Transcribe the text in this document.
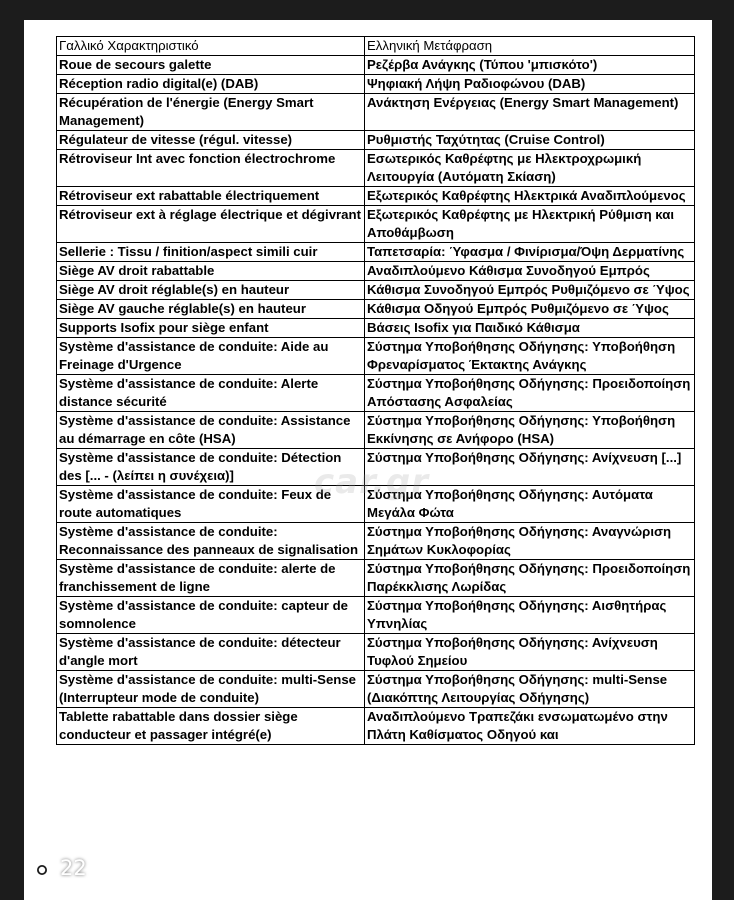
Γαλλικό Χαρακτηριστικό	Ελληνική Μετάφραση
Roue de secours galette	Ρεζέρβα Ανάγκης (Τύπου 'μπισκότο')
Réception radio digital(e) (DAB)	Ψηφιακή Λήψη Ραδιοφώνου (DAB)
Récupération de l'énergie (Energy Smart Management)	Ανάκτηση Ενέργειας (Energy Smart Management)
Régulateur de vitesse (régul. vitesse)	Ρυθμιστής Ταχύτητας (Cruise Control)
Rétroviseur Int avec fonction électrochrome	Εσωτερικός Καθρέφτης με Ηλεκτροχρωμική Λειτουργία (Αυτόματη Σκίαση)
Rétroviseur ext rabattable électriquement	Εξωτερικός Καθρέφτης Ηλεκτρικά Αναδιπλούμενος
Rétroviseur ext à réglage électrique et dégivrant	Εξωτερικός Καθρέφτης με Ηλεκτρική Ρύθμιση και Αποθάμβωση
Sellerie : Tissu / finition/aspect simili cuir	Ταπετσαρία: Ύφασμα / Φινίρισμα/Όψη Δερματίνης
Siège AV droit rabattable	Αναδιπλούμενο Κάθισμα Συνοδηγού Εμπρός
Siège AV droit réglable(s) en hauteur	Κάθισμα Συνοδηγού Εμπρός Ρυθμιζόμενο σε Ύψος
Siège AV gauche réglable(s) en hauteur	Κάθισμα Οδηγού Εμπρός Ρυθμιζόμενο σε Ύψος
Supports Isofix pour siège enfant	Βάσεις Isofix για Παιδικό Κάθισμα
Système d'assistance de conduite: Aide au Freinage d'Urgence	Σύστημα Υποβοήθησης Οδήγησης: Υποβοήθηση Φρεναρίσματος Έκτακτης Ανάγκης
Système d'assistance de conduite: Alerte distance sécurité	Σύστημα Υποβοήθησης Οδήγησης: Προειδοποίηση Απόστασης Ασφαλείας
Système d'assistance de conduite: Assistance au démarrage en côte (HSA)	Σύστημα Υποβοήθησης Οδήγησης: Υποβοήθηση Εκκίνησης σε Ανήφορο (HSA)
Système d'assistance de conduite: Détection des [... - (λείπει η συνέχεια)]	Σύστημα Υποβοήθησης Οδήγησης: Ανίχνευση [...]
Système d'assistance de conduite: Feux de route automatiques	Σύστημα Υποβοήθησης Οδήγησης: Αυτόματα Μεγάλα Φώτα
Système d'assistance de conduite: Reconnaissance des panneaux de signalisation	Σύστημα Υποβοήθησης Οδήγησης: Αναγνώριση Σημάτων Κυκλοφορίας
Système d'assistance de conduite: alerte de franchissement de ligne	Σύστημα Υποβοήθησης Οδήγησης: Προειδοποίηση Παρέκκλισης Λωρίδας
Système d'assistance de conduite: capteur de somnolence	Σύστημα Υποβοήθησης Οδήγησης: Αισθητήρας Υπνηλίας
Système d'assistance de conduite: détecteur d'angle mort	Σύστημα Υποβοήθησης Οδήγησης: Ανίχνευση Τυφλού Σημείου
Système d'assistance de conduite: multi-Sense (Interrupteur mode de conduite)	Σύστημα Υποβοήθησης Οδήγησης: multi-Sense (Διακόπτης Λειτουργίας Οδήγησης)
Tablette rabattable dans dossier siège conducteur et passager intégré(e)	Αναδιπλούμενο Τραπεζάκι ενσωματωμένο στην Πλάτη Καθίσματος Οδηγού και
car.gr
22
